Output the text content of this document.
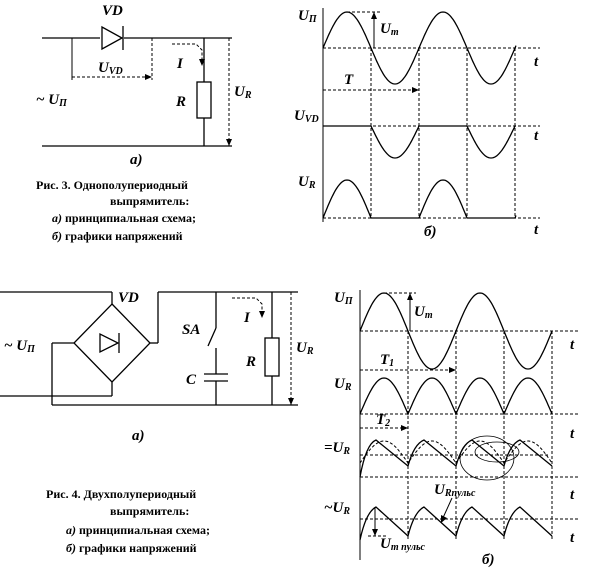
VD
UVD
~ UП
I
R
UR
а)
Рис. 3. Однополупериодный
выпрямитель:
а) принципиальная схема;
б) графики напряжений
Um
T
UП
UVD
UR
t
t
t
б)
VD
~ UП
SA
C
I
R
UR
а)
Рис. 4. Двухполупериодный
выпрямитель:
а) принципиальная схема;
б) графики напряжений
Um
T1
T2
URпульс
Um пульс
UП
UR
=UR
~UR
t
t
t
t
б)
